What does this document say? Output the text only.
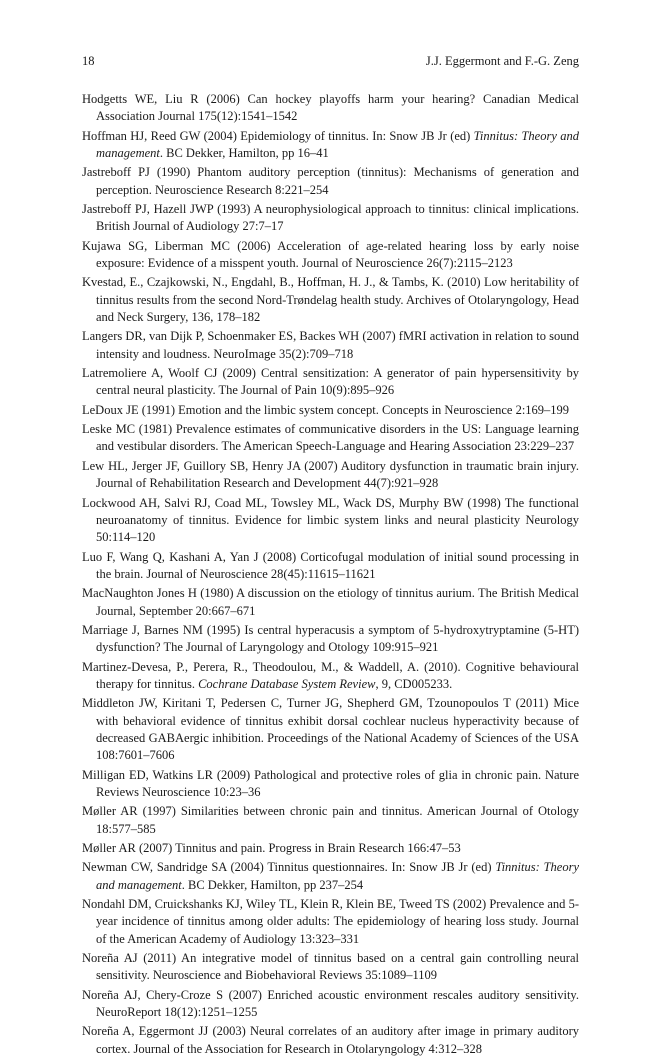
18	J.J. Eggermont and F.-G. Zeng

Hodgetts WE, Liu R (2006) Can hockey playoffs harm your hearing? Canadian Medical Association Journal 175(12):1541–1542

Hoffman HJ, Reed GW (2004) Epidemiology of tinnitus. In: Snow JB Jr (ed) Tinnitus: Theory and management. BC Dekker, Hamilton, pp 16–41

Jastreboff PJ (1990) Phantom auditory perception (tinnitus): Mechanisms of generation and perception. Neuroscience Research 8:221–254

Jastreboff PJ, Hazell JWP (1993) A neurophysiological approach to tinnitus: clinical implications. British Journal of Audiology 27:7–17

Kujawa SG, Liberman MC (2006) Acceleration of age-related hearing loss by early noise exposure: Evidence of a misspent youth. Journal of Neuroscience 26(7):2115–2123

Kvestad, E., Czajkowski, N., Engdahl, B., Hoffman, H. J., & Tambs, K. (2010) Low heritability of tinnitus results from the second Nord-Trøndelag health study. Archives of Otolaryngology, Head and Neck Surgery, 136, 178–182

Langers DR, van Dijk P, Schoenmaker ES, Backes WH (2007) fMRI activation in relation to sound intensity and loudness. NeuroImage 35(2):709–718

Latremoliere A, Woolf CJ (2009) Central sensitization: A generator of pain hypersensitivity by central neural plasticity. The Journal of Pain 10(9):895–926

LeDoux JE (1991) Emotion and the limbic system concept. Concepts in Neuroscience 2:169–199

Leske MC (1981) Prevalence estimates of communicative disorders in the US: Language learning and vestibular disorders. The American Speech-Language and Hearing Association 23:229–237

Lew HL, Jerger JF, Guillory SB, Henry JA (2007) Auditory dysfunction in traumatic brain injury. Journal of Rehabilitation Research and Development 44(7):921–928

Lockwood AH, Salvi RJ, Coad ML, Towsley ML, Wack DS, Murphy BW (1998) The functional neuroanatomy of tinnitus. Evidence for limbic system links and neural plasticity Neurology 50:114–120

Luo F, Wang Q, Kashani A, Yan J (2008) Corticofugal modulation of initial sound processing in the brain. Journal of Neuroscience 28(45):11615–11621

MacNaughton Jones H (1980) A discussion on the etiology of tinnitus aurium. The British Medical Journal, September 20:667–671

Marriage J, Barnes NM (1995) Is central hyperacusis a symptom of 5-hydroxytryptamine (5-HT) dysfunction? The Journal of Laryngology and Otology 109:915–921

Martinez-Devesa, P., Perera, R., Theodoulou, M., & Waddell, A. (2010). Cognitive behavioural therapy for tinnitus. Cochrane Database System Review, 9, CD005233.

Middleton JW, Kiritani T, Pedersen C, Turner JG, Shepherd GM, Tzounopoulos T (2011) Mice with behavioral evidence of tinnitus exhibit dorsal cochlear nucleus hyperactivity because of decreased GABAergic inhibition. Proceedings of the National Academy of Sciences of the USA 108:7601–7606

Milligan ED, Watkins LR (2009) Pathological and protective roles of glia in chronic pain. Nature Reviews Neuroscience 10:23–36

Møller AR (1997) Similarities between chronic pain and tinnitus. American Journal of Otology 18:577–585

Møller AR (2007) Tinnitus and pain. Progress in Brain Research 166:47–53

Newman CW, Sandridge SA (2004) Tinnitus questionnaires. In: Snow JB Jr (ed) Tinnitus: Theory and management. BC Dekker, Hamilton, pp 237–254

Nondahl DM, Cruickshanks KJ, Wiley TL, Klein R, Klein BE, Tweed TS (2002) Prevalence and 5-year incidence of tinnitus among older adults: The epidemiology of hearing loss study. Journal of the American Academy of Audiology 13:323–331

Noreña AJ (2011) An integrative model of tinnitus based on a central gain controlling neural sensitivity. Neuroscience and Biobehavioral Reviews 35:1089–1109

Noreña AJ, Chery-Croze S (2007) Enriched acoustic environment rescales auditory sensitivity. NeuroReport 18(12):1251–1255

Noreña A, Eggermont JJ (2003) Neural correlates of an auditory after image in primary auditory cortex. Journal of the Association for Research in Otolaryngology 4:312–328
